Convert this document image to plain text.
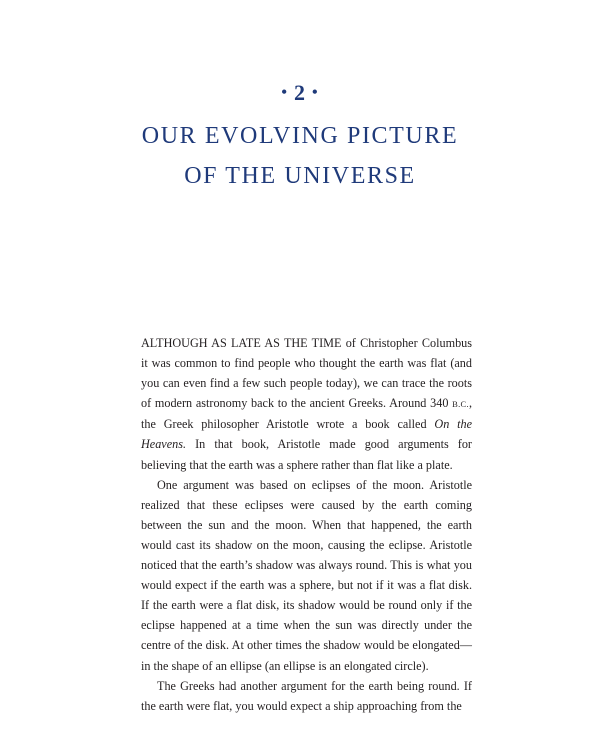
• 2 •
OUR EVOLVING PICTURE
OF THE UNIVERSE

ALTHOUGH AS LATE AS THE TIME of Christopher Columbus it was common to find people who thought the earth was flat (and you can even find a few such people today), we can trace the roots of modern astronomy back to the ancient Greeks. Around 340 B.C., the Greek philosopher Aristotle wrote a book called On the Heavens. In that book, Aristotle made good arguments for believing that the earth was a sphere rather than flat like a plate.

One argument was based on eclipses of the moon. Aristotle realized that these eclipses were caused by the earth coming between the sun and the moon. When that happened, the earth would cast its shadow on the moon, causing the eclipse. Aristotle noticed that the earth’s shadow was always round. This is what you would expect if the earth was a sphere, but not if it was a flat disk. If the earth were a flat disk, its shadow would be round only if the eclipse happened at a time when the sun was directly under the centre of the disk. At other times the shadow would be elongated—in the shape of an ellipse (an ellipse is an elongated circle).

The Greeks had another argument for the earth being round. If the earth were flat, you would expect a ship approaching from the
